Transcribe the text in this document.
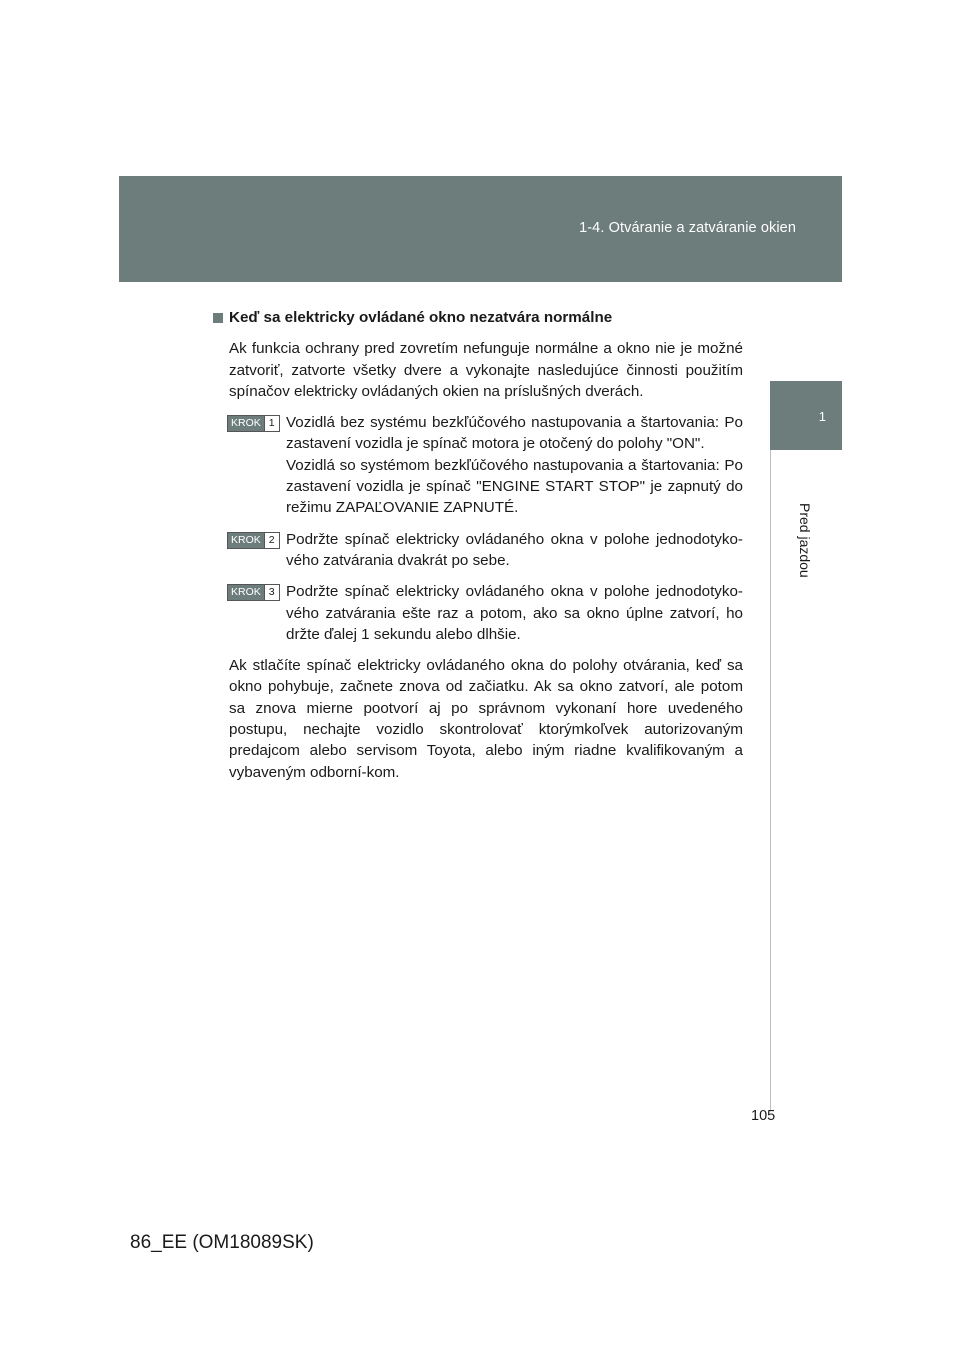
1-4. Otváranie a zatváranie okien
1
Pred jazdou
Keď sa elektricky ovládané okno nezatvára normálne

Ak funkcia ochrany pred zovretím nefunguje normálne a okno nie je možné zatvoriť, zatvorte všetky dvere a vykonajte nasledujúce činnosti použitím spínačov elektricky ovládaných okien na príslušných dverách.

KROK 1 Vozidlá bez systému bezkľúčového nastupovania a štartovania: Po zastavení vozidla je spínač motora je otočený do polohy "ON".

Vozidlá so systémom bezkľúčového nastupovania a štartovania: Po zastavení vozidla je spínač "ENGINE START STOP" je zapnutý do režimu ZAPAĽOVANIE ZAPNUTÉ.

KROK 2 Podržte spínač elektricky ovládaného okna v polohe jednodotyko-vého zatvárania dvakrát po sebe.

KROK 3 Podržte spínač elektricky ovládaného okna v polohe jednodotyko-vého zatvárania ešte raz a potom, ako sa okno úplne zatvorí, ho držte ďalej 1 sekundu alebo dlhšie.

Ak stlačíte spínač elektricky ovládaného okna do polohy otvárania, keď sa okno pohybuje, začnete znova od začiatku. Ak sa okno zatvorí, ale potom sa znova mierne pootvorí aj po správnom vykonaní hore uvedeného postupu, nechajte vozidlo skontrolovať ktorýmkoľvek autorizovaným predajcom alebo servisom Toyota, alebo iným riadne kvalifikovaným a vybaveným odborní-kom.

105
86_EE (OM18089SK)
